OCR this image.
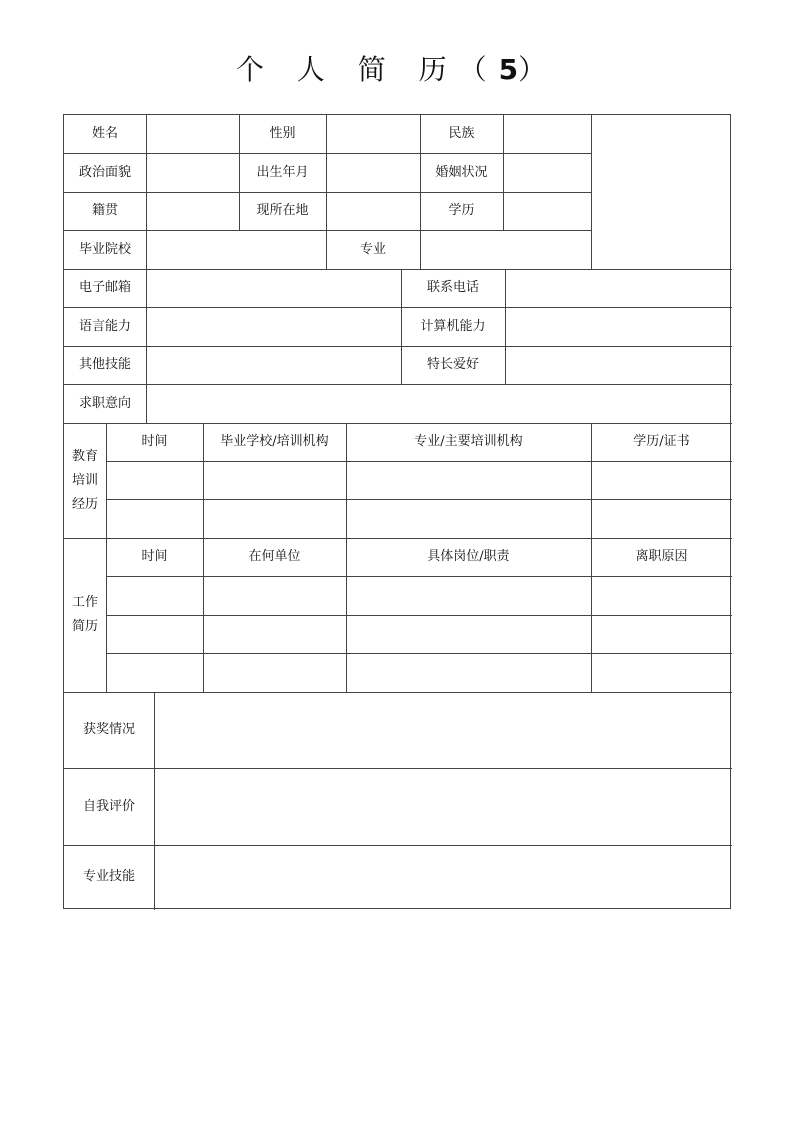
个 人 简 历（5）
姓名	性别	民族
政治面貌	出生年月	婚姻状况
籍贯	现所在地	学历
毕业院校	专业
电子邮箱	联系电话
语言能力	计算机能力
其他技能	特长爱好
求职意向
教育
培训
经历
时间	毕业学校/培训机构	专业/主要培训机构	学历/证书
工作
简历
时间	在何单位	具体岗位/职责	离职原因
获奖情况
自我评价
专业技能
